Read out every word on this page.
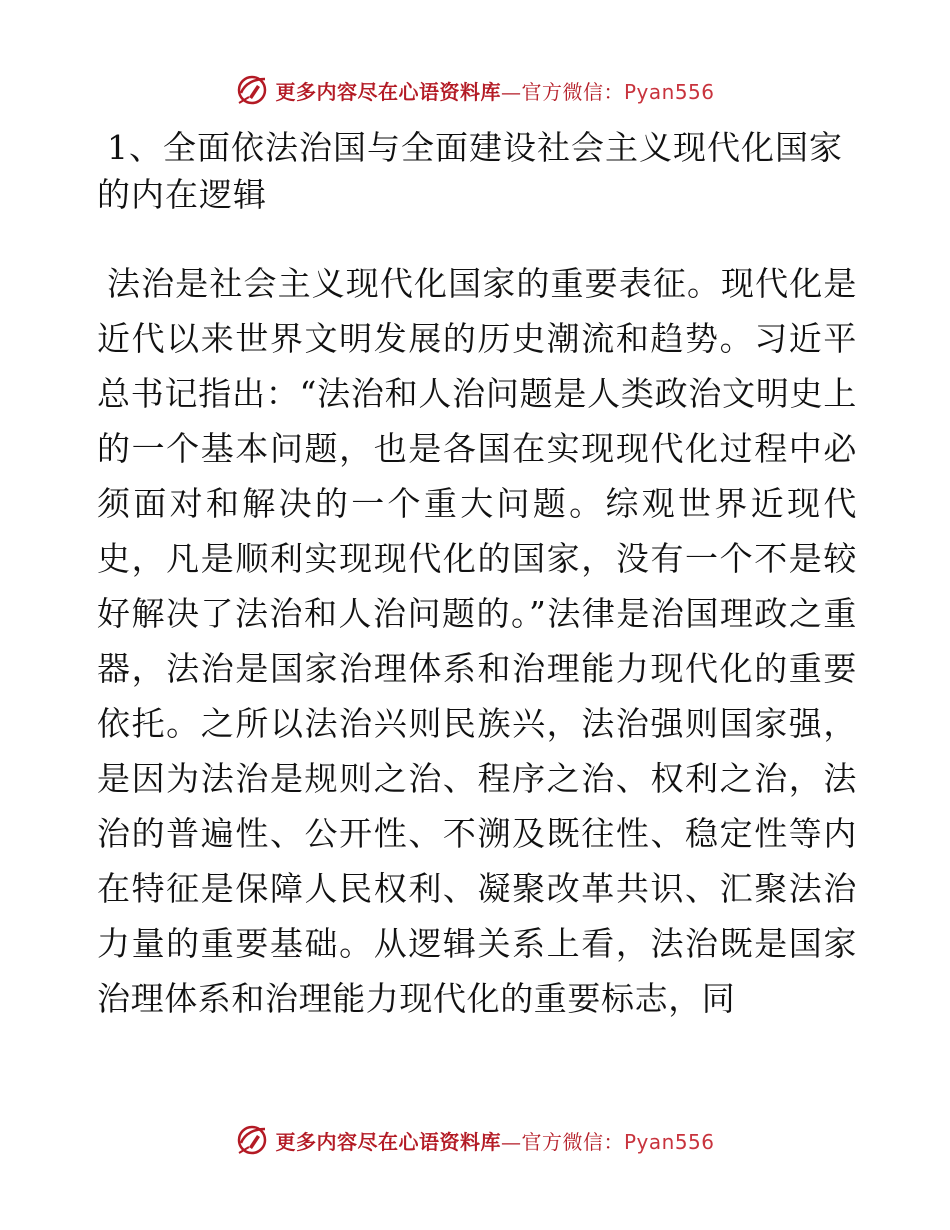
更多内容尽在心语资料库—官方微信：Pyan556
1、全面依法治国与全面建设社会主义现代化国家的内在逻辑

法治是社会主义现代化国家的重要表征。现代化是近代以来世界文明发展的历史潮流和趋势。习近平总书记指出：“法治和人治问题是人类政治文明史上的一个基本问题，也是各国在实现现代化过程中必须面对和解决的一个重大问题。综观世界近现代史，凡是顺利实现现代化的国家，没有一个不是较好解决了法治和人治问题的。”法律是治国理政之重器，法治是国家治理体系和治理能力现代化的重要依托。之所以法治兴则民族兴，法治强则国家强，是因为法治是规则之治、程序之治、权利之治，法治的普遍性、公开性、不溯及既往性、稳定性等内在特征是保障人民权利、凝聚改革共识、汇聚法治力量的重要基础。从逻辑关系上看，法治既是国家治理体系和治理能力现代化的重要标志，同

更多内容尽在心语资料库—官方微信：Pyan556
